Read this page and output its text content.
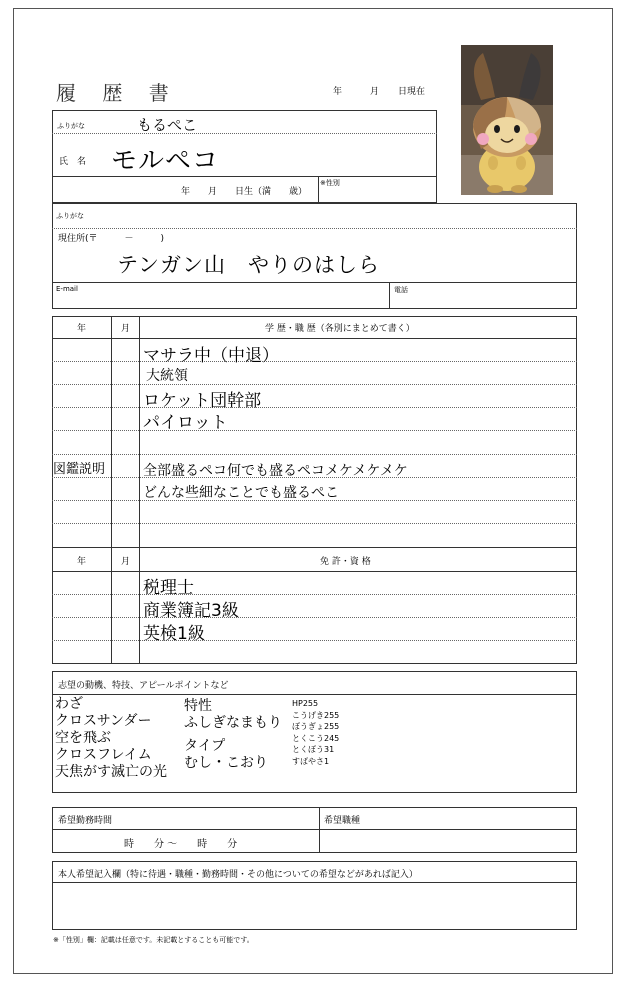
履 歴 書	年	月 日現在
ふりがな	もるぺこ
氏　名 モルペコ
年　　月　　日生（満　　歳）
※性別
ふりがな
現住所(〒　　　－　　　)
テンガン山　やりのはしら
E-mail	電話
年	月	学 歴・職 歴（各別にまとめて書く）
マサラ中（中退）
大統領
ロケット団幹部
パイロット
図鑑説明	全部盛るペコ何でも盛るペコメケメケメケ
どんな些細なことでも盛るぺこ
年	月	免 許・資 格
税理士
商業簿記3級
英検1級
志望の動機、特技、アピールポイントなど
わざ
クロスサンダー
空を飛ぶ
クロスフレイム
天焦がす滅亡の光
特性
ふしぎなまもり
タイプ
むし・こおり
HP255
こうげき255
ぼうぎょ255
とくこう245
とくぼう31
すばやさ1
希望勤務時間	希望職種
時　　分 ～　　時　　分
本人希望記入欄（特に待遇・職種・勤務時間・その他についての希望などがあれば記入）
※「性別」欄：記載は任意です。未記載とすることも可能です。
